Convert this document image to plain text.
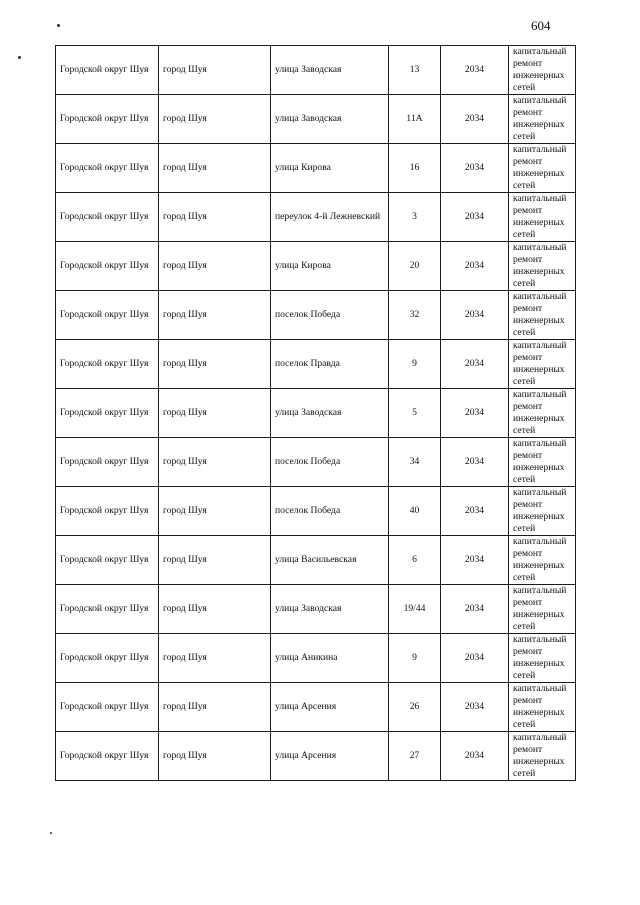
604
Городской округ Шуя	город Шуя	улица Заводская	13	2034	капитальный ремонт инженерных сетей
Городской округ Шуя	город Шуя	улица Заводская	11А	2034	капитальный ремонт инженерных сетей
Городской округ Шуя	город Шуя	улица Кирова	16	2034	капитальный ремонт инженерных сетей
Городской округ Шуя	город Шуя	переулок 4-й Лежневский	3	2034	капитальный ремонт инженерных сетей
Городской округ Шуя	город Шуя	улица Кирова	20	2034	капитальный ремонт инженерных сетей
Городской округ Шуя	город Шуя	поселок Победа	32	2034	капитальный ремонт инженерных сетей
Городской округ Шуя	город Шуя	поселок Правда	9	2034	капитальный ремонт инженерных сетей
Городской округ Шуя	город Шуя	улица Заводская	5	2034	капитальный ремонт инженерных сетей
Городской округ Шуя	город Шуя	поселок Победа	34	2034	капитальный ремонт инженерных сетей
Городской округ Шуя	город Шуя	поселок Победа	40	2034	капитальный ремонт инженерных сетей
Городской округ Шуя	город Шуя	улица Васильевская	6	2034	капитальный ремонт инженерных сетей
Городской округ Шуя	город Шуя	улица Заводская	19/44	2034	капитальный ремонт инженерных сетей
Городской округ Шуя	город Шуя	улица Аникина	9	2034	капитальный ремонт инженерных сетей
Городской округ Шуя	город Шуя	улица Арсения	26	2034	капитальный ремонт инженерных сетей
Городской округ Шуя	город Шуя	улица Арсения	27	2034	капитальный ремонт инженерных сетей
